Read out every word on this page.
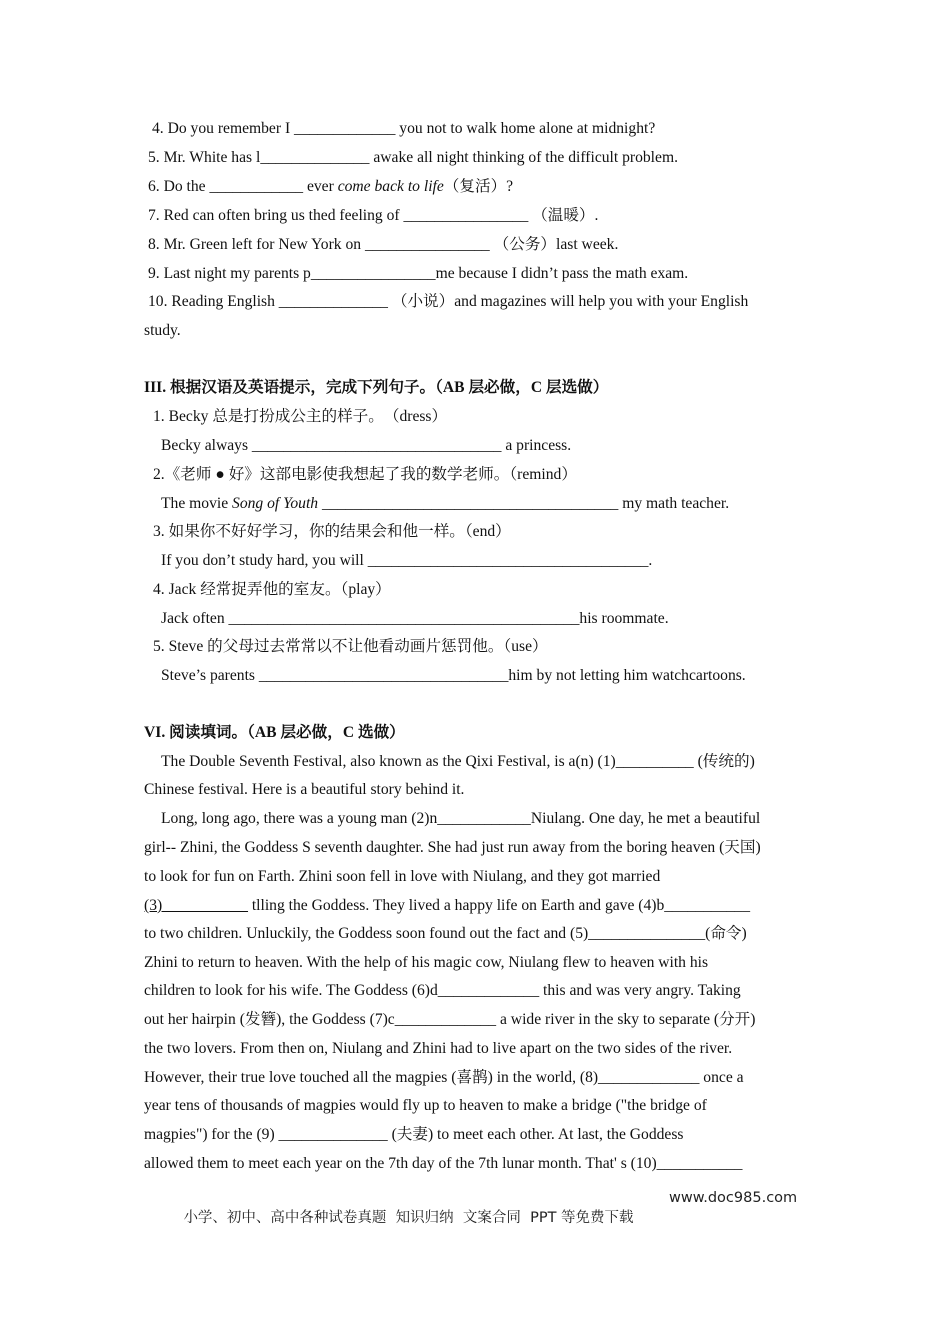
4. Do you remember I _____________ you not to walk home alone at midnight?
5. Mr. White has l______________ awake all night thinking of the difficult problem.
6. Do the ____________ ever come back to life（复活）?
7. Red can often bring us thed feeling of ________________ （温暖）.
8. Mr. Green left for New York on ________________ （公务）last week.
9. Last night my parents p________________me because I didn’t pass the math exam.
10. Reading English ______________ （小说）and magazines will help you with your English
study.
III. 根据汉语及英语提示，完成下列句子。（AB 层必做，C 层选做）
1. Becky 总是打扮成公主的样子。　（dress）
Becky always ________________________________ a princess.
2.《老师 ● 好》这部电影使我想起了我的数学老师。（remind）
The movie Song of Youth ______________________________________ my math teacher.
3. 如果你不好好学习，你的结果会和他一样。（end）
If you don’t study hard, you will ____________________________________.
4. Jack 经常捉弄他的室友。（play）
Jack often _____________________________________________his roommate.
5. Steve 的父母过去常常以不让他看动画片惩罚他。（use）
Steve’s parents ________________________________him by not letting him watchcartoons.
VI. 阅读填词。（AB 层必做，C 选做）
The Double Seventh Festival, also known as the Qixi Festival, is a(n) (1)__________ (传统的)
Chinese festival. Here is a beautiful story behind it.
Long, long ago, there was a young man (2)n____________Niulang. One day, he met a beautiful
girl-- Zhini, the Goddess S seventh daughter. She had just run away from the boring heaven (天国)
to look for fun on Farth. Zhini soon fell in love with Niulang, and they got married
(3)___________ tlling the Goddess. They lived a happy life on Earth and gave (4)b___________
to two children. Unluckily, the Goddess soon found out the fact and (5)_______________(命令)
Zhini to return to heaven. With the help of his magic cow, Niulang flew to heaven with his
children to look for his wife. The Goddess (6)d_____________ this and was very angry. Taking
out her hairpin (发簪), the Goddess (7)c_____________ a wide river in the sky to separate (分开)
the two lovers. From then on, Niulang and Zhini had to live apart on the two sides of the river.
However, their true love touched all the magpies (喜鹊) in the world, (8)_____________ once a
year tens of thousands of magpies would fly up to heaven to make a bridge ("the bridge of
magpies") for the (9) ______________ (夫妻) to meet each other. At last, the Goddess
allowed them to meet each year on the 7th day of the 7th lunar month. That' s (10)___________

小学、初中、高中各种试卷真题  知识归纳  文案合同  PPT 等免费下载

www.doc985.com
